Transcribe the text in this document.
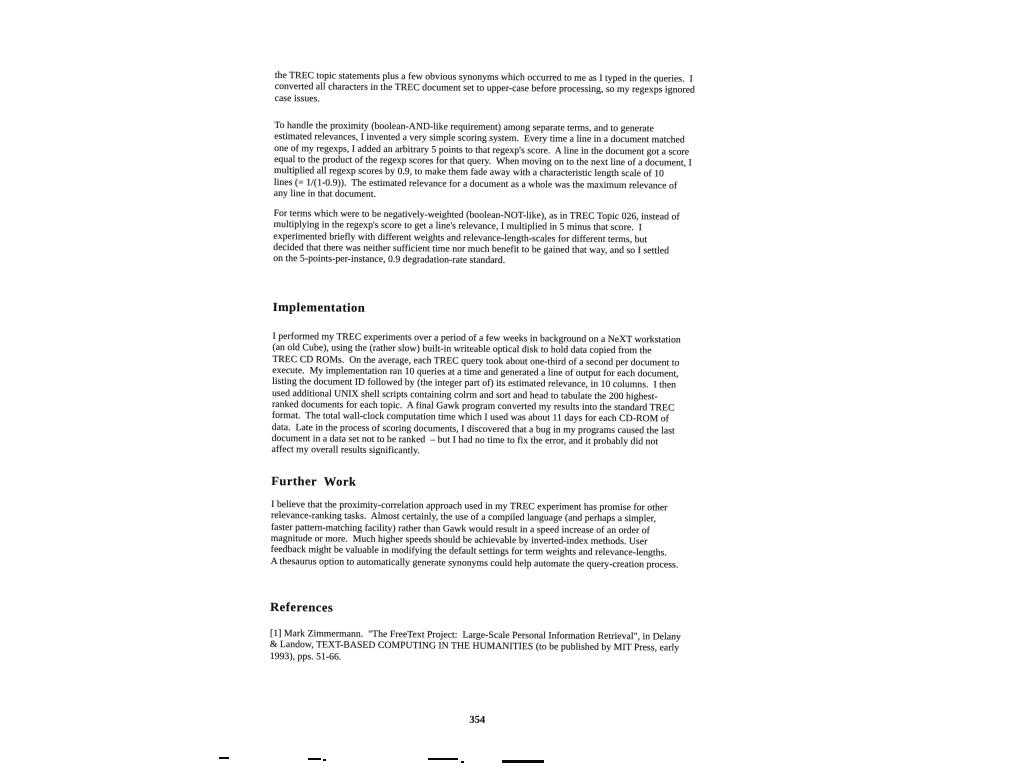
the TREC topic statements plus a few obvious synonyms which occurred to me as I typed in the queries.  I
converted all characters in the TREC document set to upper-case before processing, so my regexps ignored
case issues.

To handle the proximity (boolean-AND-like requirement) among separate terms, and to generate
estimated relevances, I invented a very simple scoring system.  Every time a line in a document matched
one of my regexps, I added an arbitrary 5 points to that regexp's score.  A line in the document got a score
equal to the product of the regexp scores for that query.  When moving on to the next line of a document, I
multiplied all regexp scores by 0.9, to make them fade away with a characteristic length scale of 10
lines (= 1/(1-0.9)).  The estimated relevance for a document as a whole was the maximum relevance of
any line in that document.

For terms which were to be negatively-weighted (boolean-NOT-like), as in TREC Topic 026, instead of
multiplying in the regexp's score to get a line's relevance, I multiplied in 5 minus that score.  I
experimented briefly with different weights and relevance-length-scales for different terms, but
decided that there was neither sufficient time nor much benefit to be gained that way, and so I settled
on the 5-points-per-instance, 0.9 degradation-rate standard.

Implementation

I performed my TREC experiments over a period of a few weeks in background on a NeXT workstation
(an old Cube), using the (rather slow) built-in writeable optical disk to hold data copied from the
TREC CD ROMs.  On the average, each TREC query took about one-third of a second per document to
execute.  My implementation ran 10 queries at a time and generated a line of output for each document,
listing the document ID followed by (the integer part of) its estimated relevance, in 10 columns.  I then
used additional UNIX shell scripts containing colrm and sort and head to tabulate the 200 highest-
ranked documents for each topic.  A final Gawk program converted my results into the standard TREC
format.  The total wall-clock computation time which I used was about 11 days for each CD-ROM of
data.  Late in the process of scoring documents, I discovered that a bug in my programs caused the last
document in a data set not to be ranked  – but I had no time to fix the error, and it probably did not
affect my overall results significantly.

Further Work

I believe that the proximity-correlation approach used in my TREC experiment has promise for other
relevance-ranking tasks.  Almost certainly, the use of a compiled language (and perhaps a simpler,
faster pattern-matching facility) rather than Gawk would result in a speed increase of an order of
magnitude or more.  Much higher speeds should be achievable by inverted-index methods. User
feedback might be valuable in modifying the default settings for term weights and relevance-lengths.
A thesaurus option to automatically generate synonyms could help automate the query-creation process.

References

[1] Mark Zimmermann.  "The FreeText Project:  Large-Scale Personal Information Retrieval", in Delany
& Landow, TEXT-BASED COMPUTING IN THE HUMANITIES (to be published by MIT Press, early
1993), pps. 51-66.

354
